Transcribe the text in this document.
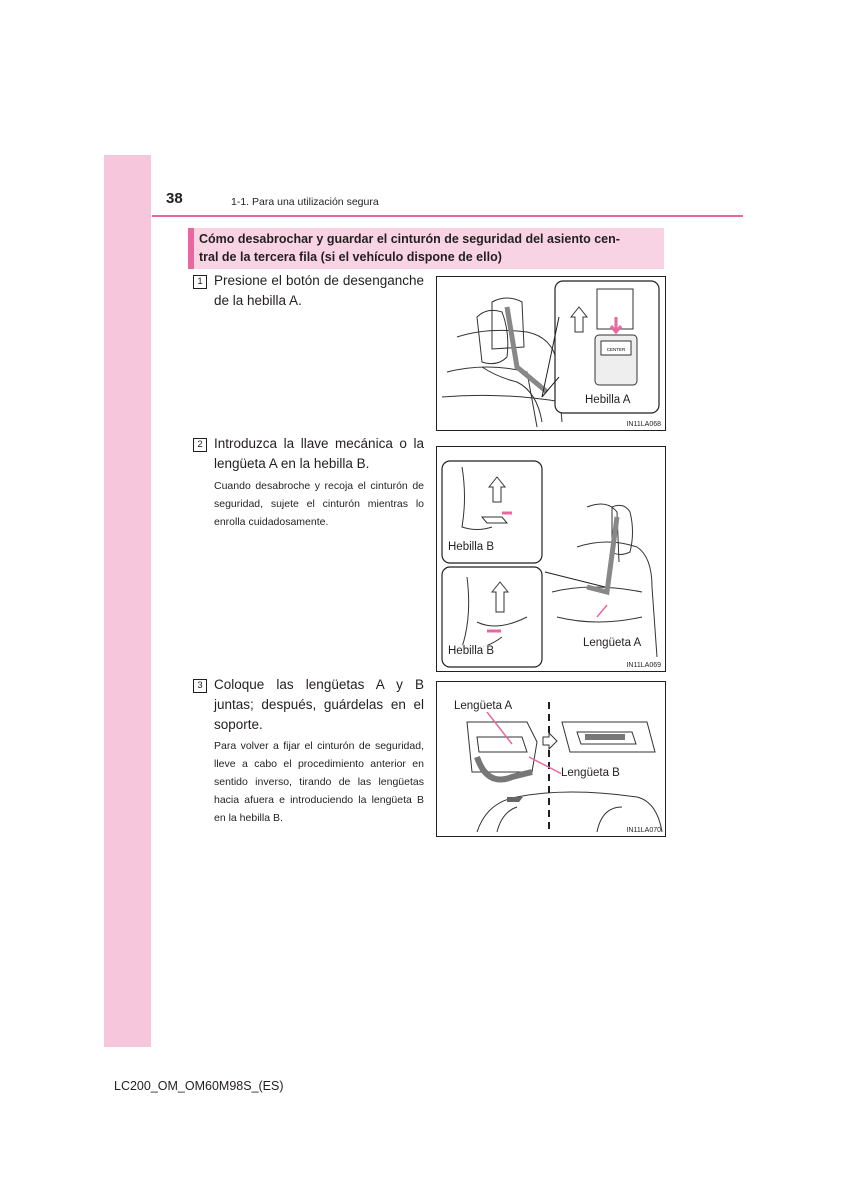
38	1-1. Para una utilización segura
Cómo desabrochar y guardar el cinturón de seguridad del asiento cen-
tral de la tercera fila (si el vehículo dispone de ello)
1 Presione el botón de desenganche de la hebilla A.
2 Introduzca la llave mecánica o la lengüeta A en la hebilla B.
Cuando desabroche y recoja el cinturón de seguridad, sujete el cinturón mientras lo enrolla cuidadosamente.
3 Coloque las lengüetas A y B juntas; después, guárdelas en el soporte.
Para volver a fijar el cinturón de seguridad, lleve a cabo el procedimiento anterior en sentido inverso, tirando de las lengüetas hacia afuera e introduciendo la lengüeta B en la hebilla B.
CENTER
Hebilla A
IN11LA068
Hebilla B
Hebilla B
Lengüeta A
IN11LA069
Lengüeta A
Lengüeta B
IN11LA070
LC200_OM_OM60M98S_(ES)
